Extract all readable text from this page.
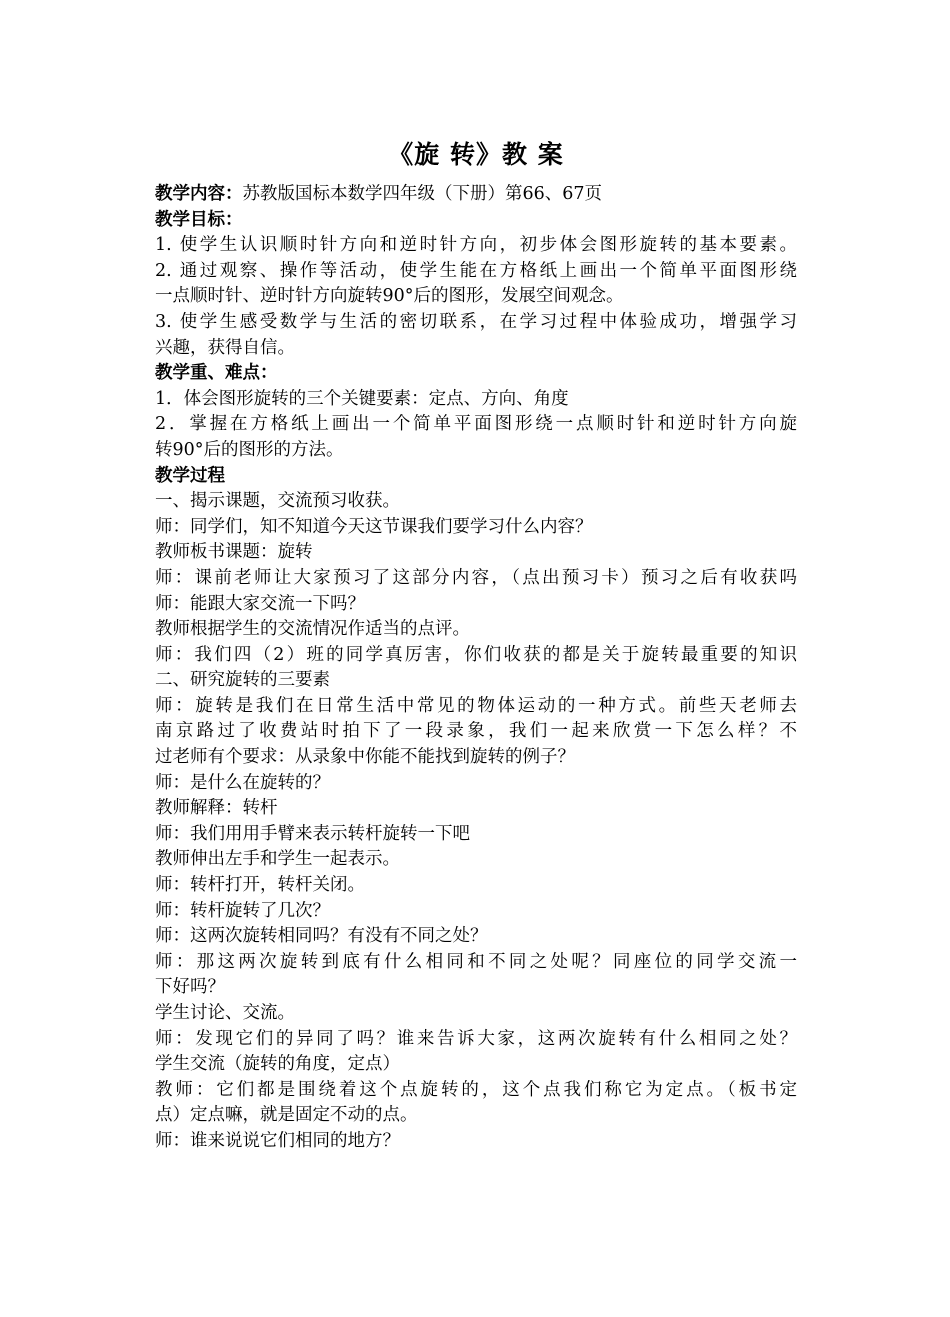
《旋 转》教 案
教学内容：苏教版国标本数学四年级（下册）第66、67页
教学目标：
1. 使学生认识顺时针方向和逆时针方向，初步体会图形旋转的基本要素。
2. 通过观察、操作等活动，使学生能在方格纸上画出一个简单平面图形绕
一点顺时针、逆时针方向旋转90°后的图形，发展空间观念。
3. 使学生感受数学与生活的密切联系，在学习过程中体验成功，增强学习
兴趣，获得自信。
教学重、难点：
1．体会图形旋转的三个关键要素：定点、方向、角度
2．掌握在方格纸上画出一个简单平面图形绕一点顺时针和逆时针方向旋
转90°后的图形的方法。
教学过程
一、揭示课题，交流预习收获。
师：同学们，知不知道今天这节课我们要学习什么内容？
教师板书课题：旋转
师：课前老师让大家预习了这部分内容，（点出预习卡）预习之后有收获吗
师：能跟大家交流一下吗？
教师根据学生的交流情况作适当的点评。
师：我们四（2）班的同学真厉害，你们收获的都是关于旋转最重要的知识
二、研究旋转的三要素
师：旋转是我们在日常生活中常见的物体运动的一种方式。前些天老师去
南京路过了收费站时拍下了一段录象，我们一起来欣赏一下怎么样？不
过老师有个要求：从录象中你能不能找到旋转的例子？
师：是什么在旋转的？
教师解释：转杆
师：我们用用手臂来表示转杆旋转一下吧
教师伸出左手和学生一起表示。
师：转杆打开，转杆关闭。
师：转杆旋转了几次？
师：这两次旋转相同吗？有没有不同之处？
师：那这两次旋转到底有什么相同和不同之处呢？同座位的同学交流一
下好吗？
学生讨论、交流。
师：发现它们的异同了吗？谁来告诉大家，这两次旋转有什么相同之处？
学生交流（旋转的角度，定点）
教师：它们都是围绕着这个点旋转的，这个点我们称它为定点。（板书定
点）定点嘛，就是固定不动的点。
师：谁来说说它们相同的地方？
